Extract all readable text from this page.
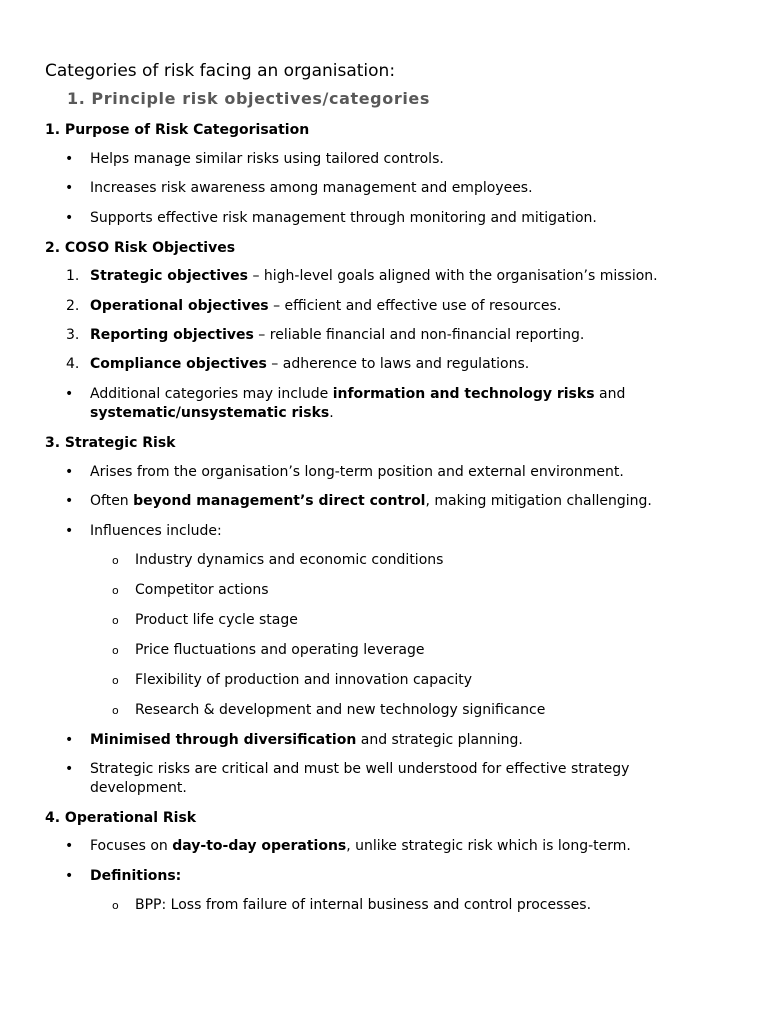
Categories of risk facing an organisation:
1. Principle risk objectives/categories
1. Purpose of Risk Categorisation
• Helps manage similar risks using tailored controls.
• Increases risk awareness among management and employees.
• Supports effective risk management through monitoring and mitigation.
2. COSO Risk Objectives
1. Strategic objectives – high-level goals aligned with the organisation’s mission.
2. Operational objectives – efficient and effective use of resources.
3. Reporting objectives – reliable financial and non-financial reporting.
4. Compliance objectives – adherence to laws and regulations.
• Additional categories may include information and technology risks and
systematic/unsystematic risks.
3. Strategic Risk
• Arises from the organisation’s long-term position and external environment.
• Often beyond management’s direct control, making mitigation challenging.
• Influences include:
o Industry dynamics and economic conditions
o Competitor actions
o Product life cycle stage
o Price fluctuations and operating leverage
o Flexibility of production and innovation capacity
o Research & development and new technology significance
• Minimised through diversification and strategic planning.
• Strategic risks are critical and must be well understood for effective strategy
development.
4. Operational Risk
• Focuses on day-to-day operations, unlike strategic risk which is long-term.
• Definitions:
o BPP: Loss from failure of internal business and control processes.
